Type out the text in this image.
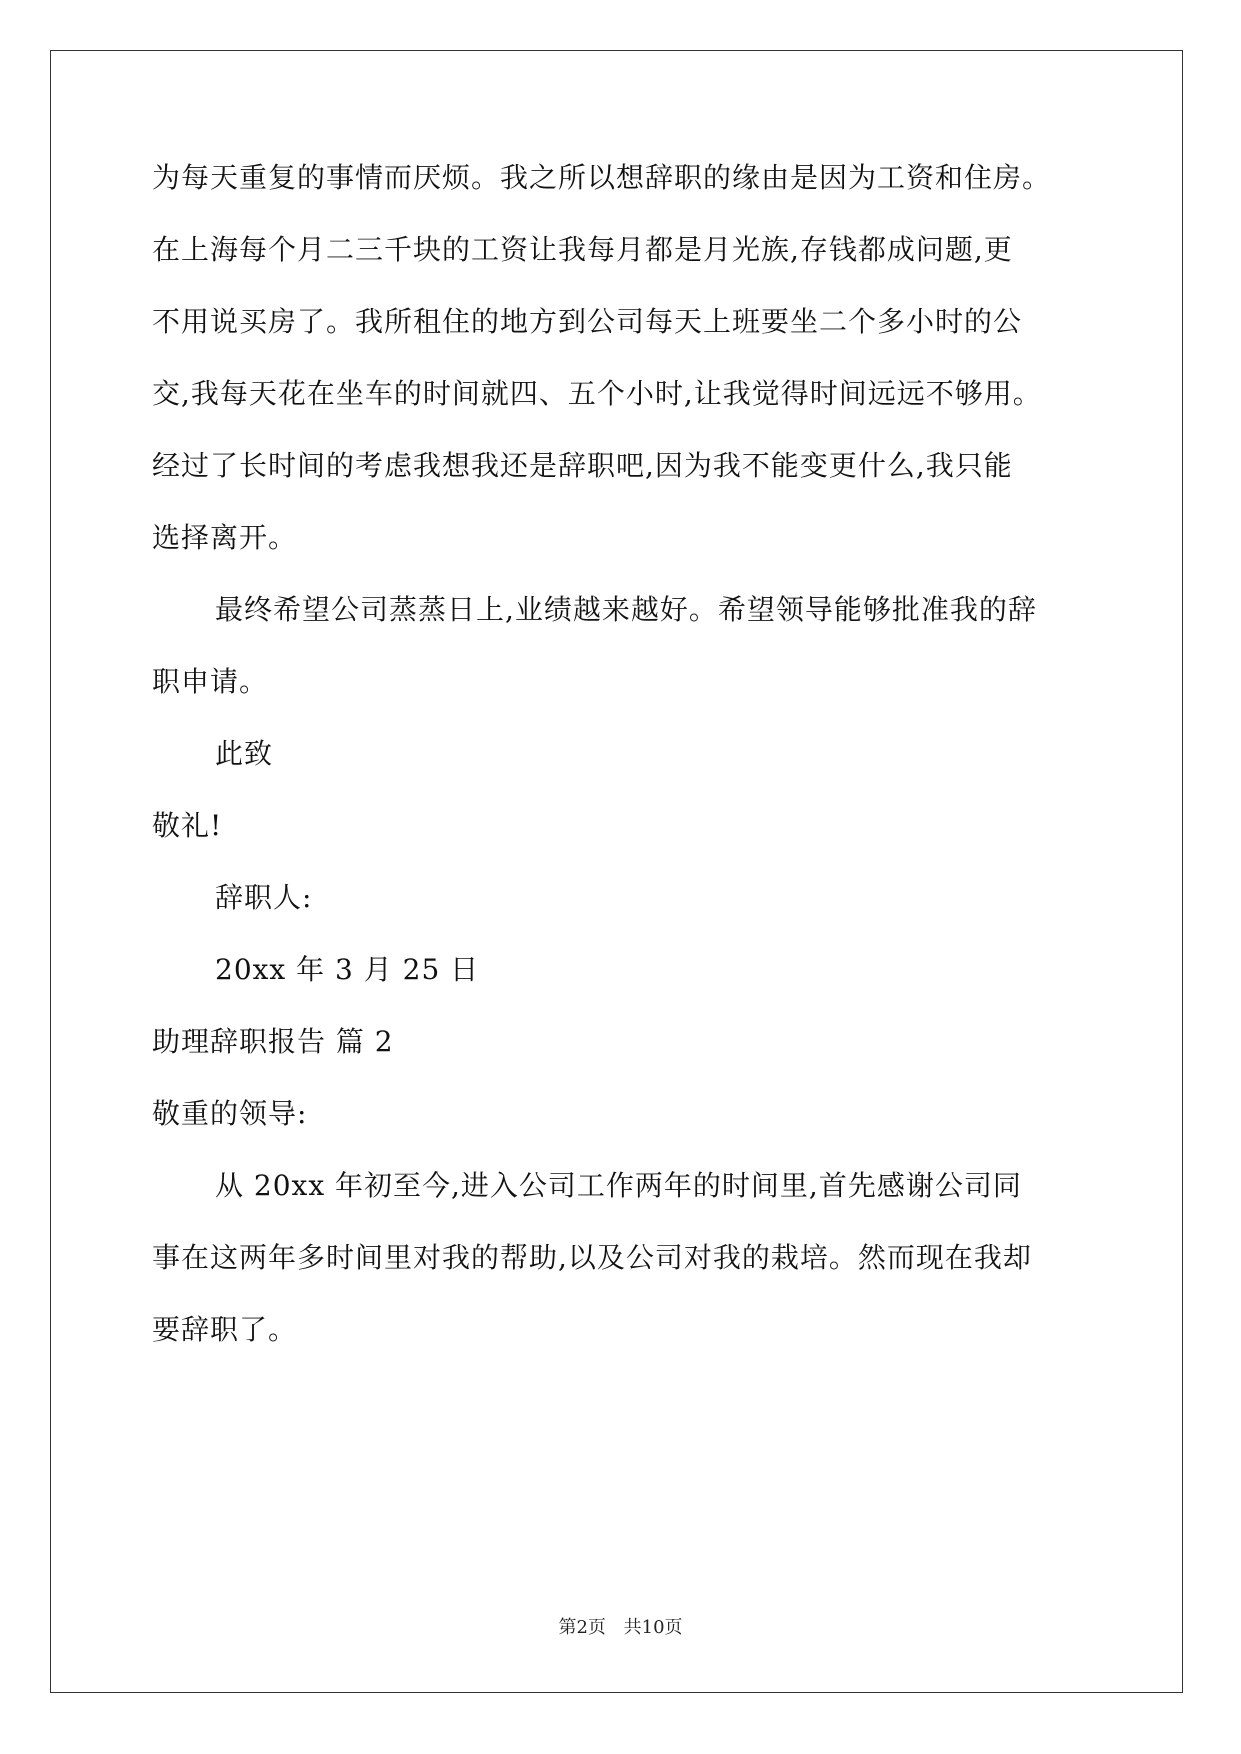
为每天重复的事情而厌烦。我之所以想辞职的缘由是因为工资和住房。
在上海每个月二三千块的工资让我每月都是月光族,存钱都成问题,更
不用说买房了。我所租住的地方到公司每天上班要坐二个多小时的公
交,我每天花在坐车的时间就四、五个小时,让我觉得时间远远不够用。
经过了长时间的考虑我想我还是辞职吧,因为我不能变更什么,我只能
选择离开。
最终希望公司蒸蒸日上,业绩越来越好。希望领导能够批准我的辞
职申请。
此致
敬礼!
辞职人:
20xx 年 3 月 25 日
助理辞职报告 篇 2
敬重的领导:
从 20xx 年初至今,进入公司工作两年的时间里,首先感谢公司同
事在这两年多时间里对我的帮助,以及公司对我的栽培。然而现在我却
要辞职了。
第2页 共10页
